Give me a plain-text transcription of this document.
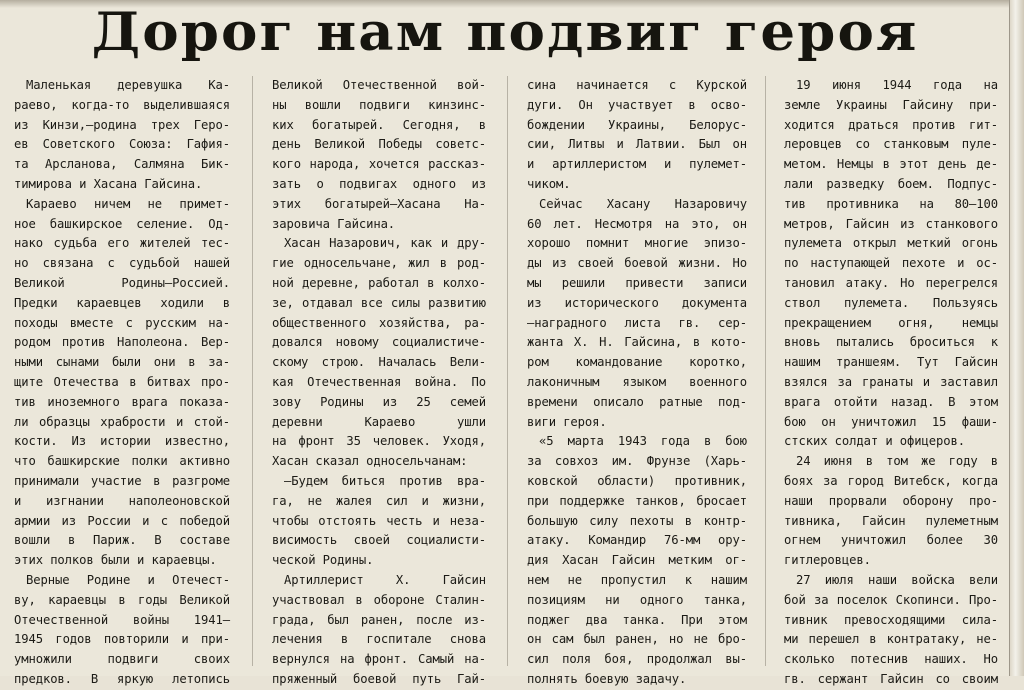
Дорог нам подвиг героя
Маленькая деревушка Ка-
раево, когда-то выделившаяся
из Кинзи,—родина трех Геро-
ев Советского Союза: Гафия-
та Арсланова, Салмяна Бик-
тимирова и Хасана Гайсина.
Караево ничем не примет-
ное башкирское селение. Од-
нако судьба его жителей тес-
но связана с судьбой нашей
Великой Родины—Россией.
Предки караевцев ходили в
походы вместе с русским на-
родом против Наполеона. Вер-
ными сынами были они в за-
щите Отечества в битвах про-
тив иноземного врага показа-
ли образцы храбрости и стой-
кости. Из истории известно,
что башкирские полки активно
принимали участие в разгроме
и изгнании наполеоновской
армии из России и с победой
вошли в Париж. В составе
этих полков были и караевцы.
Верные Родине и Отечест-
ву, караевцы в годы Великой
Отечественной войны 1941—
1945 годов повторили и при-
умножили подвиги своих
предков. В яркую летопись
Великой Отечественной вой-
ны вошли подвиги кинзинс-
ких богатырей. Сегодня, в
день Великой Победы советс-
кого народа, хочется рассказ-
зать о подвигах одного из
этих богатырей—Хасана На-
заровича Гайсина.
Хасан Назарович, как и дру-
гие односельчане, жил в род-
ной деревне, работал в колхо-
зе, отдавал все силы развитию
общественного хозяйства, ра-
довался новому социалистиче-
скому строю. Началась Вели-
кая Отечественная война. По
зову Родины из 25 семей
деревни Караево ушли
на фронт 35 человек. Уходя,
Хасан сказал односельчанам:
—Будем биться против вра-
га, не жалея сил и жизни,
чтобы отстоять честь и неза-
висимость своей социалисти-
ческой Родины.
Артиллерист Х. Гайсин
участвовал в обороне Сталин-
града, был ранен, после из-
лечения в госпитале снова
вернулся на фронт. Самый на-
пряженный боевой путь Гай-
сина начинается с Курской
дуги. Он участвует в осво-
бождении Украины, Белорус-
сии, Литвы и Латвии. Был он
и артиллеристом и пулемет-
чиком.
Сейчас Хасану Назаровичу
60 лет. Несмотря на это, он
хорошо помнит многие эпизо-
ды из своей боевой жизни. Но
мы решили привести записи
из исторического документа
—наградного листа гв. сер-
жанта Х. Н. Гайсина, в кото-
ром командование коротко,
лаконичным языком военного
времени описало ратные под-
виги героя.
«5 марта 1943 года в бою
за совхоз им. Фрунзе (Харь-
ковской области) противник,
при поддержке танков, бросает
большую силу пехоты в контр-
атаку. Командир 76-мм ору-
дия Хасан Гайсин метким ог-
нем не пропустил к нашим
позициям ни одного танка,
поджег два танка. При этом
он сам был ранен, но не бро-
сил поля боя, продолжал вы-
полнять боевую задачу.
19 июня 1944 года на
земле Украины Гайсину при-
ходится драться против гит-
леровцев со станковым пуле-
метом. Немцы в этот день де-
лали разведку боем. Подпус-
тив противника на 80—100
метров, Гайсин из станкового
пулемета открыл меткий огонь
по наступающей пехоте и ос-
тановил атаку. Но перегрелся
ствол пулемета. Пользуясь
прекращением огня, немцы
вновь пытались броситься к
нашим траншеям. Тут Гайсин
взялся за гранаты и заставил
врага отойти назад. В этом
бою он уничтожил 15 фаши-
стских солдат и офицеров.
24 июня в том же году в
боях за город Витебск, когда
наши прорвали оборону про-
тивника, Гайсин пулеметным
огнем уничтожил более 30
гитлеровцев.
27 июля наши войска вели
бой за поселок Скопинси. Про-
тивник превосходящими сила-
ми перешел в контратаку, не-
сколько потеснив наших. Но
гв. сержант Гайсин со своим
